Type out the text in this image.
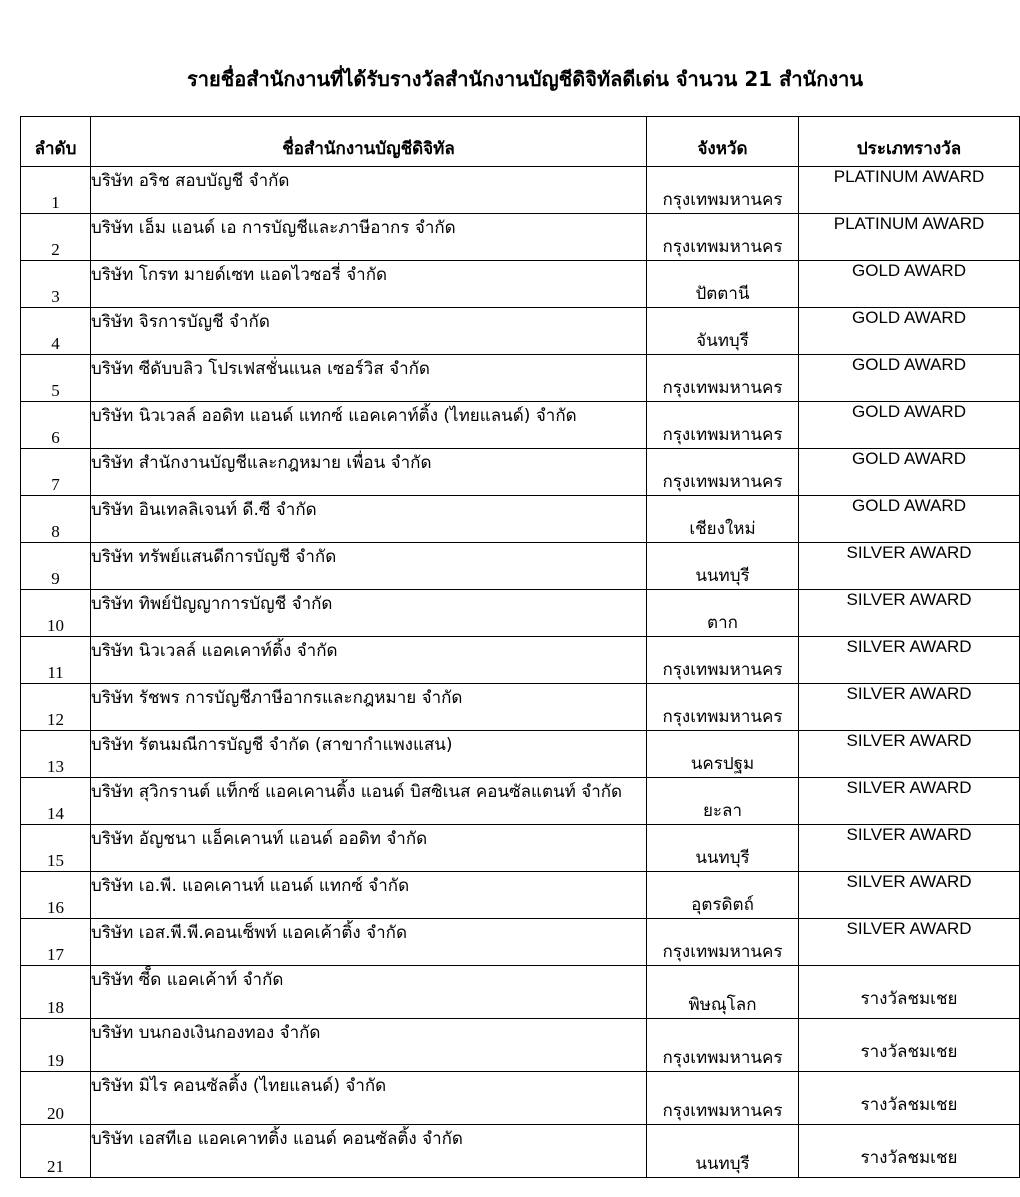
รายชื่อสำนักงานที่ได้รับรางวัลสำนักงานบัญชีดิจิทัลดีเด่น จำนวน 21 สำนักงาน
ลำดับ	ชื่อสำนักงานบัญชีดิจิทัล	จังหวัด	ประเภทรางวัล
1	บริษัท อริช สอบบัญชี จำกัด	กรุงเทพมหานคร	PLATINUM AWARD
2	บริษัท เอ็ม แอนด์ เอ การบัญชีและภาษีอากร จำกัด	กรุงเทพมหานคร	PLATINUM AWARD
3	บริษัท โกรท มายด์เซท แอดไวซอรี่ จำกัด	ปัตตานี	GOLD AWARD
4	บริษัท จิรการบัญชี จำกัด	จันทบุรี	GOLD AWARD
5	บริษัท ซีดับบลิว โปรเฟสชั่นแนล เซอร์วิส จำกัด	กรุงเทพมหานคร	GOLD AWARD
6	บริษัท นิวเวลล์ ออดิท แอนด์ แทกซ์ แอคเคาท์ติ้ง (ไทยแลนด์) จำกัด	กรุงเทพมหานคร	GOLD AWARD
7	บริษัท สำนักงานบัญชีและกฎหมาย เพื่อน จำกัด	กรุงเทพมหานคร	GOLD AWARD
8	บริษัท อินเทลลิเจนท์ ดี.ซี จำกัด	เชียงใหม่	GOLD AWARD
9	บริษัท ทรัพย์แสนดีการบัญชี จำกัด	นนทบุรี	SILVER AWARD
10	บริษัท ทิพย์ปัญญาการบัญชี จำกัด	ตาก	SILVER AWARD
11	บริษัท นิวเวลล์ แอคเคาท์ติ้ง จำกัด	กรุงเทพมหานคร	SILVER AWARD
12	บริษัท รัชพร การบัญชีภาษีอากรและกฎหมาย จำกัด	กรุงเทพมหานคร	SILVER AWARD
13	บริษัท รัตนมณีการบัญชี จำกัด (สาขากำแพงแสน)	นครปฐม	SILVER AWARD
14	บริษัท สุวิกรานต์ แท็กซ์ แอคเคานติ้ง แอนด์ บิสซิเนส คอนซัลแตนท์ จำกัด	ยะลา	SILVER AWARD
15	บริษัท อัญชนา แอ็คเคานท์ แอนด์ ออดิท จำกัด	นนทบุรี	SILVER AWARD
16	บริษัท เอ.พี. แอคเคานท์ แอนด์ แทกซ์ จำกัด	อุตรดิตถ์	SILVER AWARD
17	บริษัท เอส.พี.พี.คอนเซ็พท์ แอคเค้าติ้ง จำกัด	กรุงเทพมหานคร	SILVER AWARD
18	บริษัท ซี็ด แอคเค้าท์ จำกัด	พิษณุโลก	รางวัลชมเชย
19	บริษัท บนกองเงินกองทอง จำกัด	กรุงเทพมหานคร	รางวัลชมเชย
20	บริษัท มิไร คอนซัลติ้ง (ไทยแลนด์) จำกัด	กรุงเทพมหานคร	รางวัลชมเชย
21	บริษัท เอสทีเอ แอคเคาทติ้ง แอนด์ คอนซัลติ้ง จำกัด	นนทบุรี	รางวัลชมเชย
